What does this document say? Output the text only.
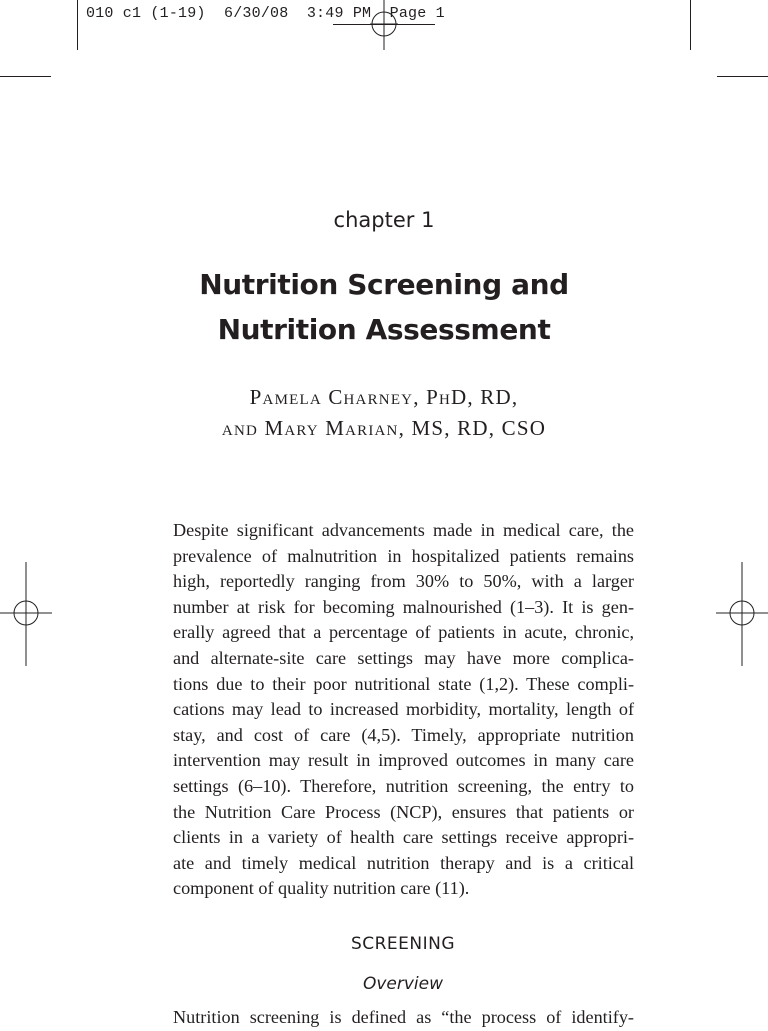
010 c1 (1-19)  6/30/08  3:49 PM  Page 1
chapter 1
Nutrition Screening and
Nutrition Assessment
Pamela Charney, PhD, RD,
and Mary Marian, MS, RD, CSO

Despite significant advancements made in medical care, the
prevalence of malnutrition in hospitalized patients remains
high, reportedly ranging from 30% to 50%, with a larger
number at risk for becoming malnourished (1–3). It is gen-
erally agreed that a percentage of patients in acute, chronic,
and alternate-site care settings may have more complica-
tions due to their poor nutritional state (1,2). These compli-
cations may lead to increased morbidity, mortality, length of
stay, and cost of care (4,5). Timely, appropriate nutrition
intervention may result in improved outcomes in many care
settings (6–10). Therefore, nutrition screening, the entry to
the Nutrition Care Process (NCP), ensures that patients or
clients in a variety of health care settings receive appropri-
ate and timely medical nutrition therapy and is a critical
component of quality nutrition care (11).

SCREENING
Overview
Nutrition screening is defined as “the process of identify-
